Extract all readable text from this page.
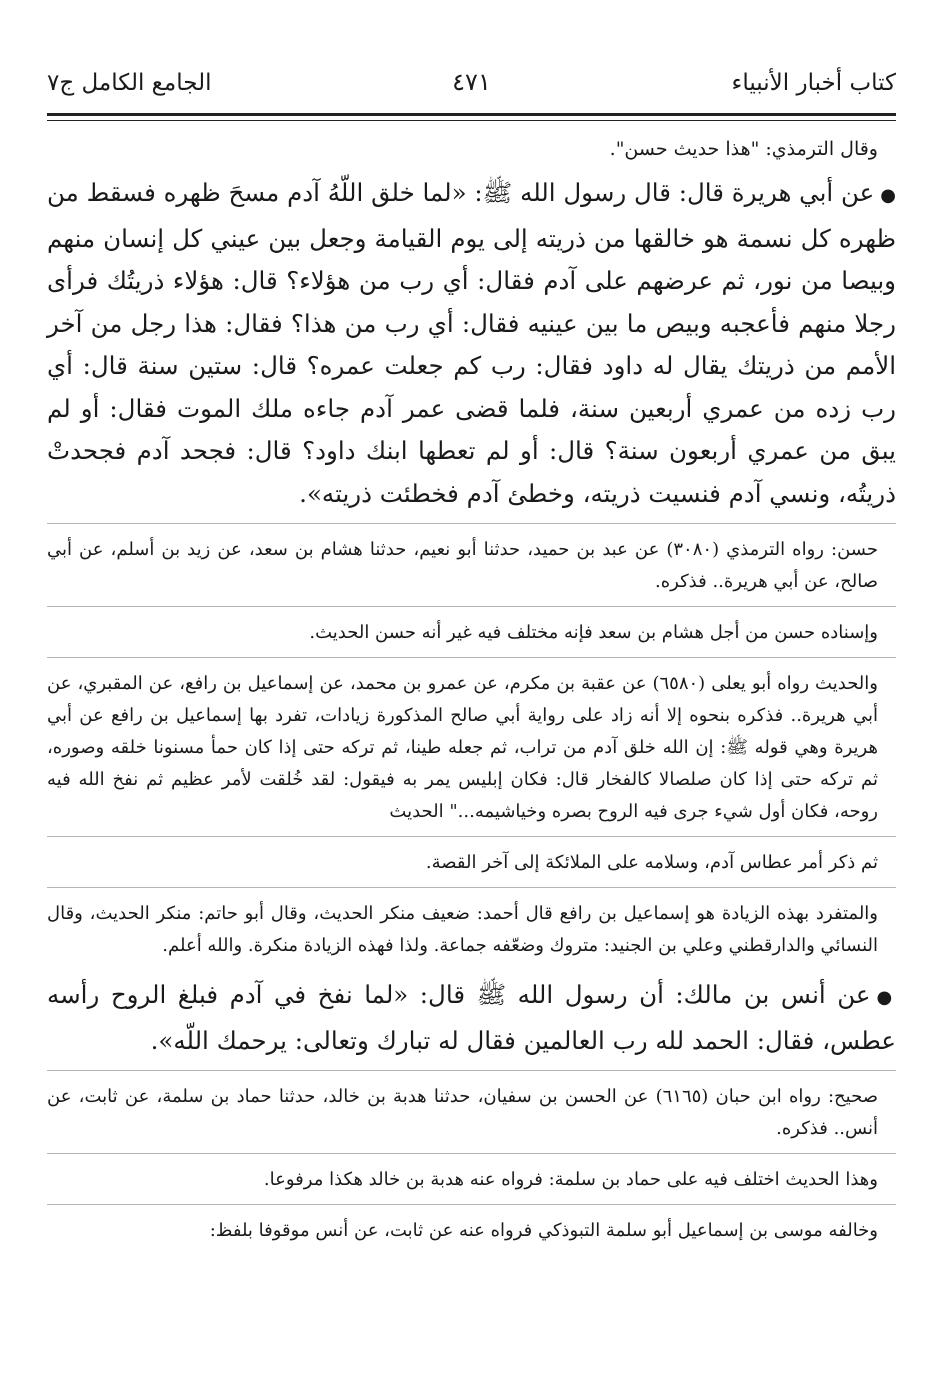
كتاب أخبار الأنبياء
٤٧١
الجامع الكامل ج٧

وقال الترمذي: "هذا حديث حسن".

●عن أبي هريرة قال: قال رسول الله ﷺ: «لما خلق اللّهُ آدم مسحَ ظهره فسقط من ظهره كل نسمة هو خالقها من ذريته إلى يوم القيامة وجعل بين عيني كل إنسان منهم وبيصا من نور، ثم عرضهم على آدم فقال: أي رب من هؤلاء؟ قال: هؤلاء ذريتُك فرأى رجلا منهم فأعجبه وبيص ما بين عينيه فقال: أي رب من هذا؟ فقال: هذا رجل من آخر الأمم من ذريتك يقال له داود فقال: رب كم جعلت عمره؟ قال: ستين سنة قال: أي رب زده من عمري أربعين سنة، فلما قضى عمر آدم جاءه ملك الموت فقال: أو لم يبق من عمري أربعون سنة؟ قال: أو لم تعطها ابنك داود؟ قال: فجحد آدم فجحدتْ ذريتُه، ونسي آدم فنسيت ذريته، وخطئ آدم فخطئت ذريته».

حسن: رواه الترمذي (٣٠٨٠) عن عبد بن حميد، حدثنا أبو نعيم، حدثنا هشام بن سعد، عن زيد بن أسلم، عن أبي صالح، عن أبي هريرة.. فذكره.

وإسناده حسن من أجل هشام بن سعد فإنه مختلف فيه غير أنه حسن الحديث.

والحديث رواه أبو يعلى (٦٥٨٠) عن عقبة بن مكرم، عن عمرو بن محمد، عن إسماعيل بن رافع، عن المقبري، عن أبي هريرة.. فذكره بنحوه إلا أنه زاد على رواية أبي صالح المذكورة زيادات، تفرد بها إسماعيل بن رافع عن أبي هريرة وهي قوله ﷺ: إن الله خلق آدم من تراب، ثم جعله طينا، ثم تركه حتى إذا كان حمأ مسنونا خلقه وصوره، ثم تركه حتى إذا كان صلصالا كالفخار قال: فكان إبليس يمر به فيقول: لقد خُلقت لأمر عظيم ثم نفخ الله فيه روحه، فكان أول شيء جرى فيه الروح بصره وخياشيمه..." الحديث

ثم ذكر أمر عطاس آدم، وسلامه على الملائكة إلى آخر القصة.

والمتفرد بهذه الزيادة هو إسماعيل بن رافع قال أحمد: ضعيف منكر الحديث، وقال أبو حاتم: منكر الحديث، وقال النسائي والدارقطني وعلي بن الجنيد: متروك وضعّفه جماعة. ولذا فهذه الزيادة منكرة. والله أعلم.

●عن أنس بن مالك: أن رسول الله ﷺ قال: «لما نفخ في آدم فبلغ الروح رأسه عطس، فقال: الحمد لله رب العالمين فقال له تبارك وتعالى: يرحمك اللّه».

صحيح: رواه ابن حبان (٦١٦٥) عن الحسن بن سفيان، حدثنا هدبة بن خالد، حدثنا حماد بن سلمة، عن ثابت، عن أنس.. فذكره.

وهذا الحديث اختلف فيه على حماد بن سلمة: فرواه عنه هدبة بن خالد هكذا مرفوعا.

وخالفه موسى بن إسماعيل أبو سلمة التبوذكي فرواه عنه عن ثابت، عن أنس موقوفا بلفظ:
